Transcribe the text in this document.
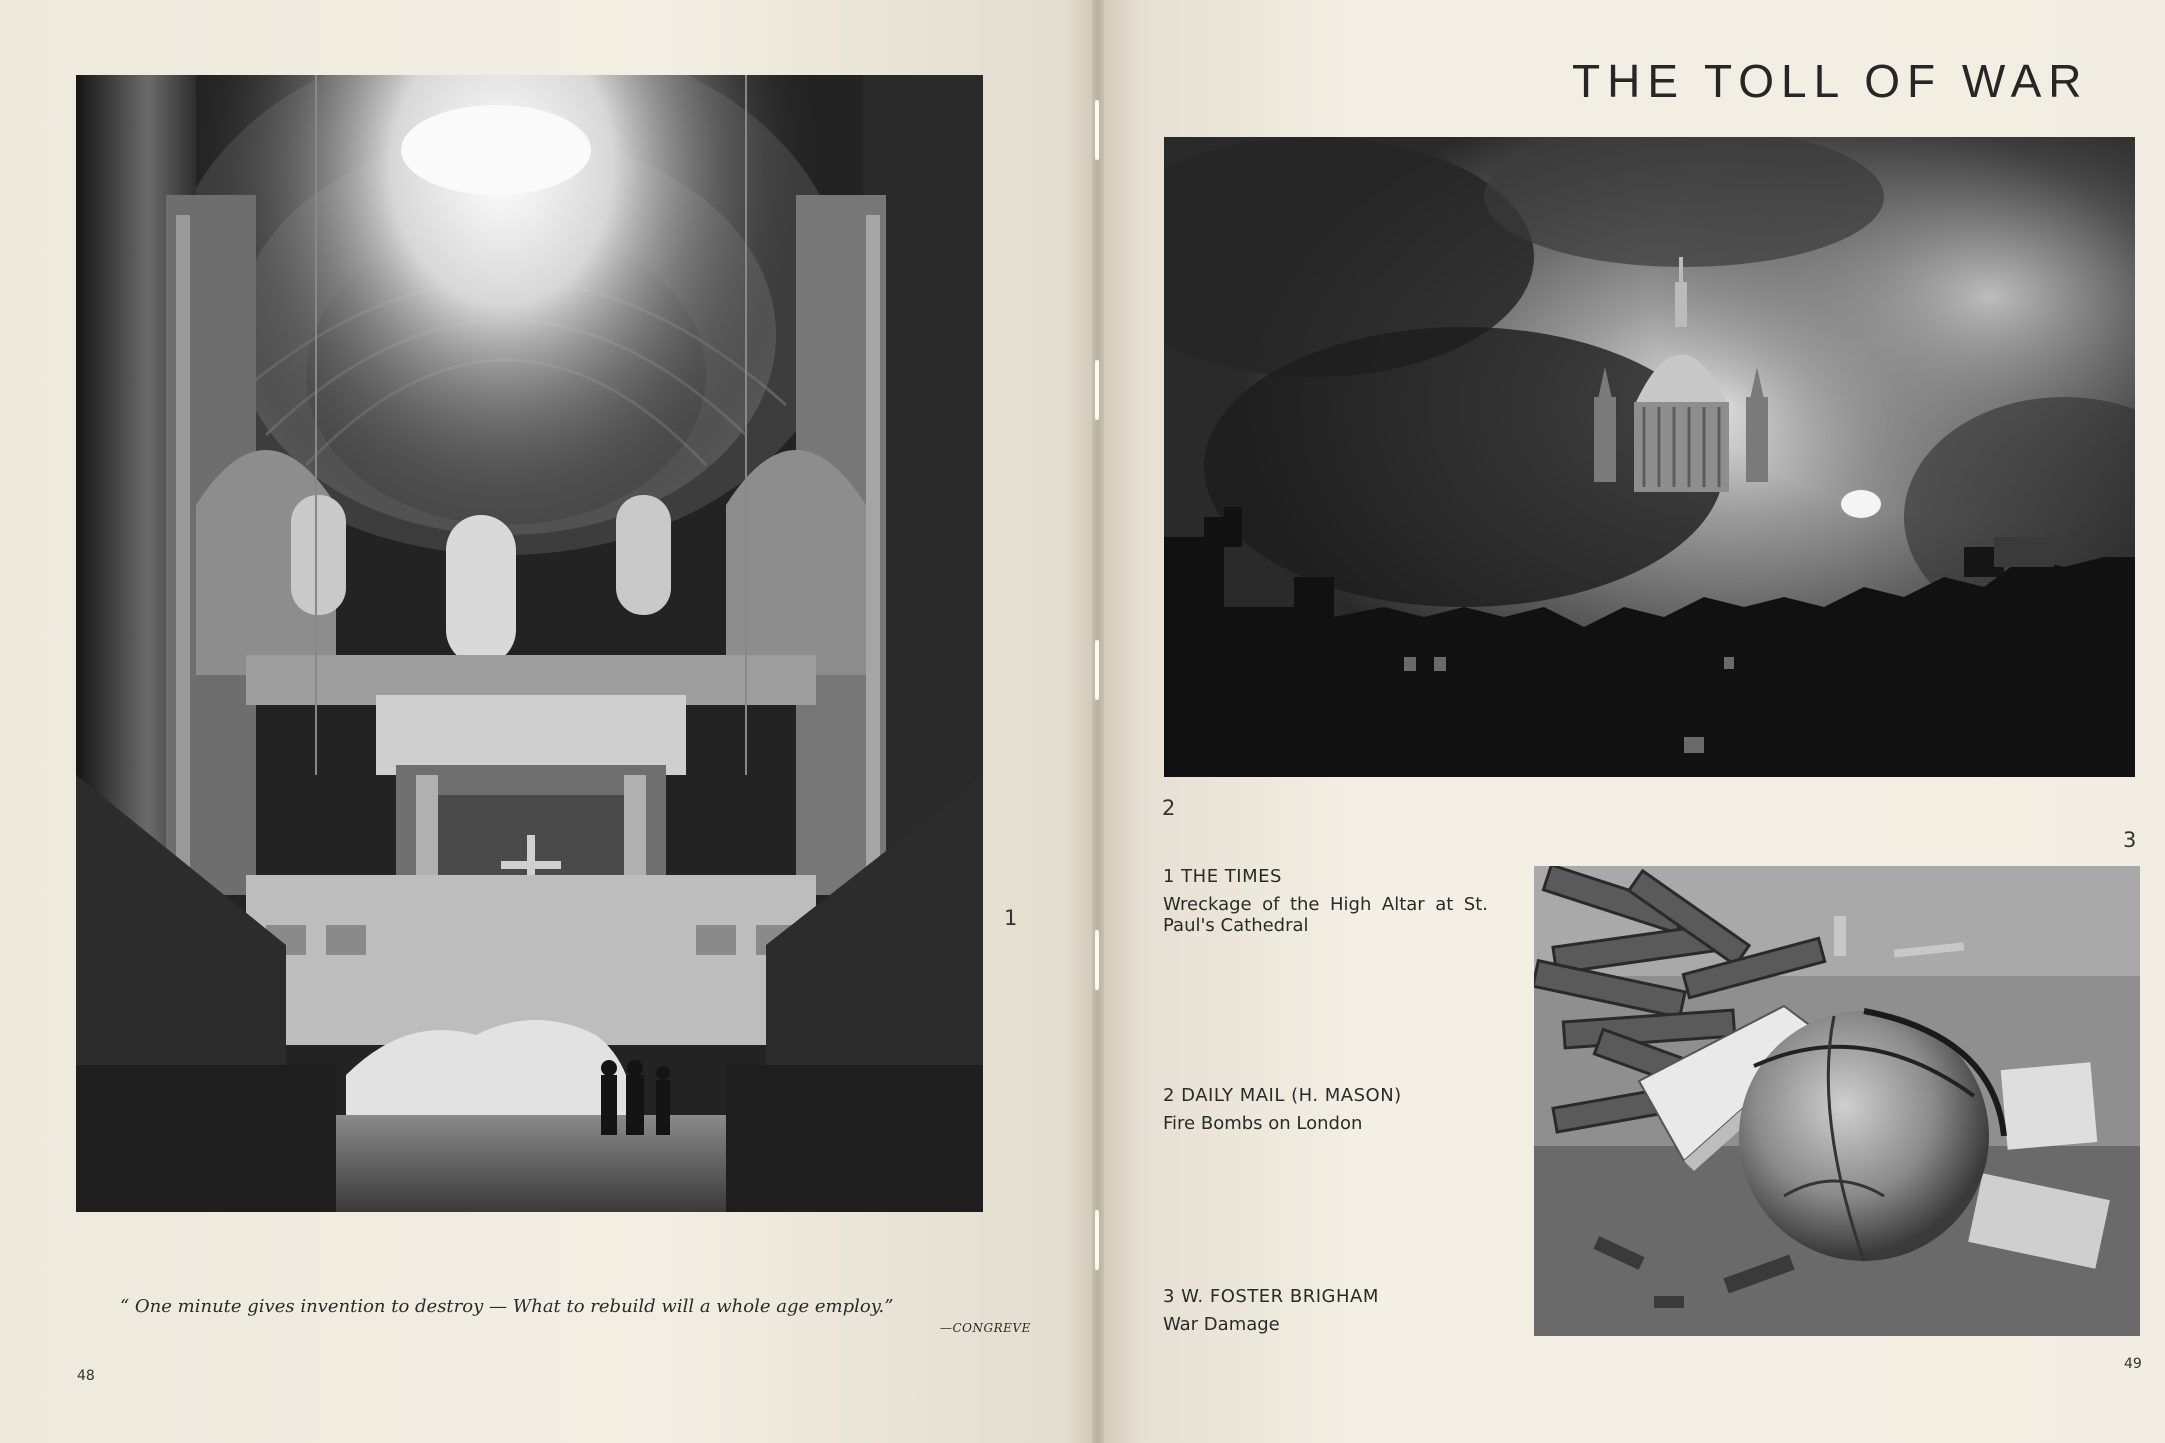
1

“ One minute gives invention to destroy — What to rebuild will a whole age employ.”

—CONGREVE
48
THE TOLL OF WAR
2
3
1 THE TIMES
Wreckage of the High Altar at St. Paul's Cathedral
2 DAILY MAIL (H. MASON)
Fire Bombs on London
3 W. FOSTER BRIGHAM
War Damage
49
